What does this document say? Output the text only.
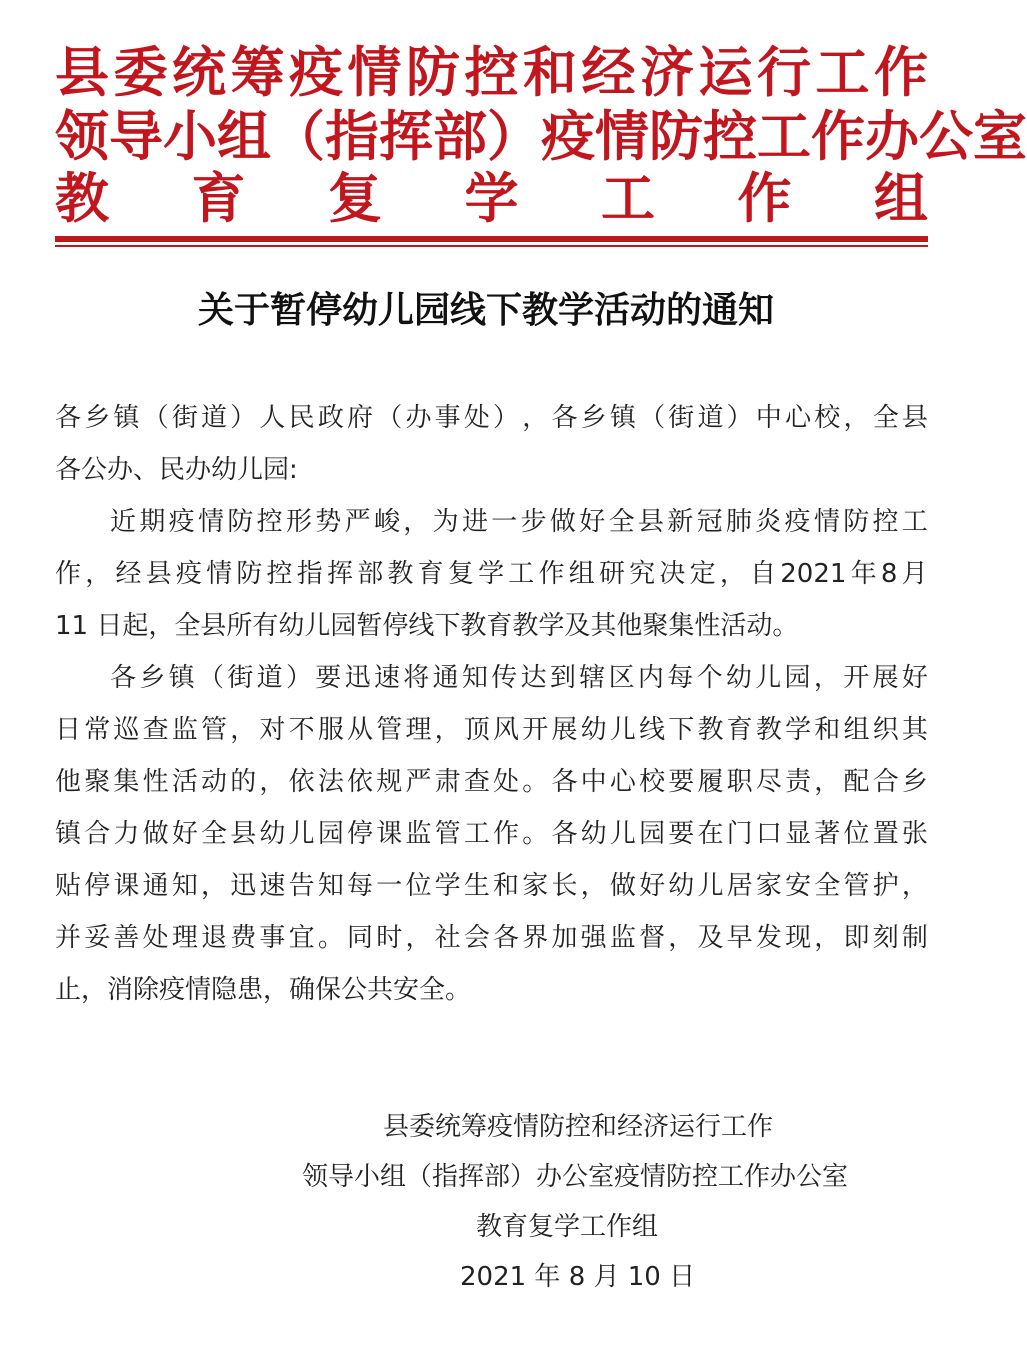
县 委 统 筹 疫 情 防 控 和 经 济 运 行 工 作
领 导 小 组 （ 指 挥 部 ） 疫 情 防 控 工 作 办 公 室
教 育 复 学 工 作 组
关于暂停幼儿园线下教学活动的通知
各 乡 镇 （ 街 道 ） 人 民 政 府 （ 办 事 处 ） ， 各 乡 镇 （ 街 道 ） 中 心 校 ， 全 县
各公办、民办幼儿园:
近 期 疫 情 防 控 形 势 严 峻 ， 为 进 一 步 做 好 全 县 新 冠 肺 炎 疫 情 防 控 工
作 ， 经 县 疫 情 防 控 指 挥 部 教 育 复 学 工 作 组 研 究 决 定 ， 自 2021 年 8 月
11 日起，全县所有幼儿园暂停线下教育教学及其他聚集性活动。
各 乡 镇 （ 街 道 ） 要 迅 速 将 通 知 传 达 到 辖 区 内 每 个 幼 儿 园 ， 开 展 好
日 常 巡 查 监 管 ， 对 不 服 从 管 理 ， 顶 风 开 展 幼 儿 线 下 教 育 教 学 和 组 织 其
他 聚 集 性 活 动 的 ， 依 法 依 规 严 肃 查 处 。 各 中 心 校 要 履 职 尽 责 ， 配 合 乡
镇 合 力 做 好 全 县 幼 儿 园 停 课 监 管 工 作 。 各 幼 儿 园 要 在 门 口 显 著 位 置 张
贴 停 课 通 知 ， 迅 速 告 知 每 一 位 学 生 和 家 长 ， 做 好 幼 儿 居 家 安 全 管 护 ，
并 妥 善 处 理 退 费 事 宜 。 同 时 ， 社 会 各 界 加 强 监 督 ， 及 早 发 现 ， 即 刻 制
止，消除疫情隐患，确保公共安全。
县委统筹疫情防控和经济运行工作
领导小组（指挥部）办公室疫情防控工作办公室
教育复学工作组
2021 年 8 月 10 日
